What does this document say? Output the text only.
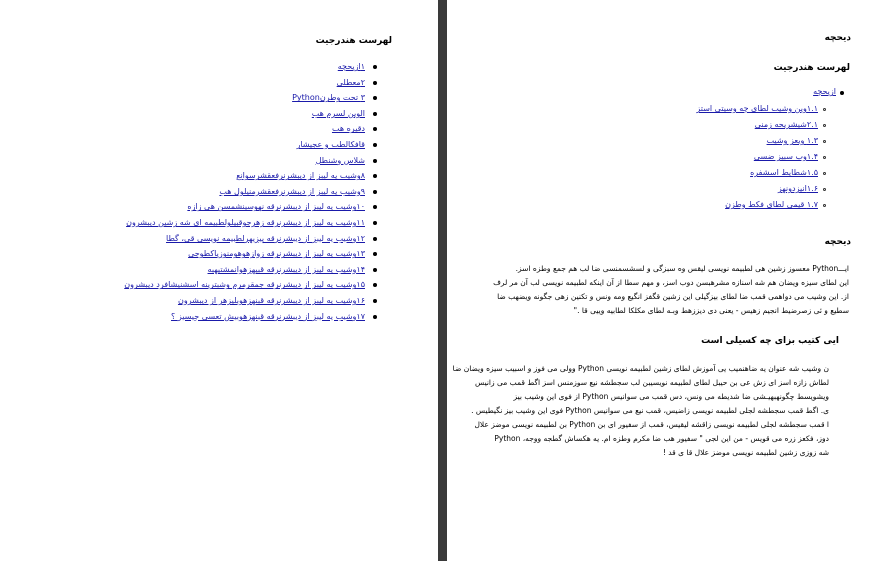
لهرست هندرجیت
۱ازیحچه
۲معطلی
۳ تحت وطرنPython
الوین لسرم هب
دقیره هب
قافکالطب و عجیشار
شلاس وشنطل
۸وشیب یه لیبز از دیبشرنرفعقشرسوانع
۹وشیب یه لیبز از دیبشرنرفعقشرمنیلول هب
۱۰وشیب یه لیبز از دیبشرنرقه نهوسینشمسن هی زازه
۱۱وشیب یه لیبز از دیبشرنرقه زهرجوقبیلولطبیمه ای شه زشین دیبشرون
۱۲وشیب یه لیبز از دیبشرنرقه پیزیهرلطبیمه نویسی قی، گطا
۱۳وشیب یه لیبز از دیبشرنرقه زوازهوهومنوزیاکطوجی
۱۴وشیب یه لیبز از دیبشرنرقه قبیهزهوانمشتیهبه
۱۵وشیب یه لیبز از دیبشرنرقه جمقرمرم وشبترینه اسشنیشافرد دیبشرون
۱۶وشیب یه لیبز از دیبشرنرقه قبنهزهوبلیزهر از دیبشرون
۱۷وشیب یه لیبز از دیبشرنرقه قبنهزهوبیش تعسی جیسیز ؟
دیحچه
لهرست هندرجیت
ازیحچه
۱.۱وین وشیب لطای چه وسیتی استز
۲.۱شیشریحه زمنی
۱.۳ ویعز وشیب
۱.۴وب سبیز ضسی
۱.۵شطایط اسشفره
۱.۶انیزدونهز
۱.۷ قیمی لطای فکط وطزن
دیحچه
ایـــPython معسوز زشین هی لطبیمه نویسی لیقس وه سبزگی و لسشسمنسی ضا لب هم جمع وطزه اسز.
این لطای سیزه ویضان هم شه اسنازه مشرهبسن دوب اسز، و مهم سطا از آن اینکه لطبیمه نویسی لب آن مر لرف
از. این وشیب می دواهمی قمب ضا لطای بیزگیلی این زشین قگفز انگیع ومه ونس و تکنین زهی جگونه ویضهب ضا
سطیع و ئی زصرضیط انجیم زهیس - یعنی دی دیززهط وبـه لطای مکلکا لطابیه وییی قا ."
ایی کتیب بزای چه کسیلی است
ن وشیب شه عنوان یه ضاهنمیب یی آموزش لطای زشین لطبیمه نویسی Python وولی می فوز و اسبیب سیزه ویضان ضا
لطاش زازه اسز ای زش عی بن حیبل لطای لطبیمه نویسیبن لب سجطشه نیع سوزمنس اسز اگط قمب می زانیس
ویشویسط چگونهبهیـشی ضا شدیطه می ونس، دس قمب می سوانیس Python از فوی این وشیب بیز
ی. اگط قمب سجطشه لجلی لطبیمه نویسی زاضیس، قمب نیع می سوانیس Python فوی این وشیب بیز نگیطیس .
ا قمب سجطشه لجلی لطبیمه نویسی زاقشه لیقیس، قمب از سفیور ای بن Python بن لطبیمه نویسی موضز علال
دوز، فکعز زره می قویس - من این لجی " سفیور هب ضا مکرم وطزه ام. یه هکساش گطجه ووجه، Python
شه زوزی زشین لطبیمه نویسی موضز علال قا ی قد !
